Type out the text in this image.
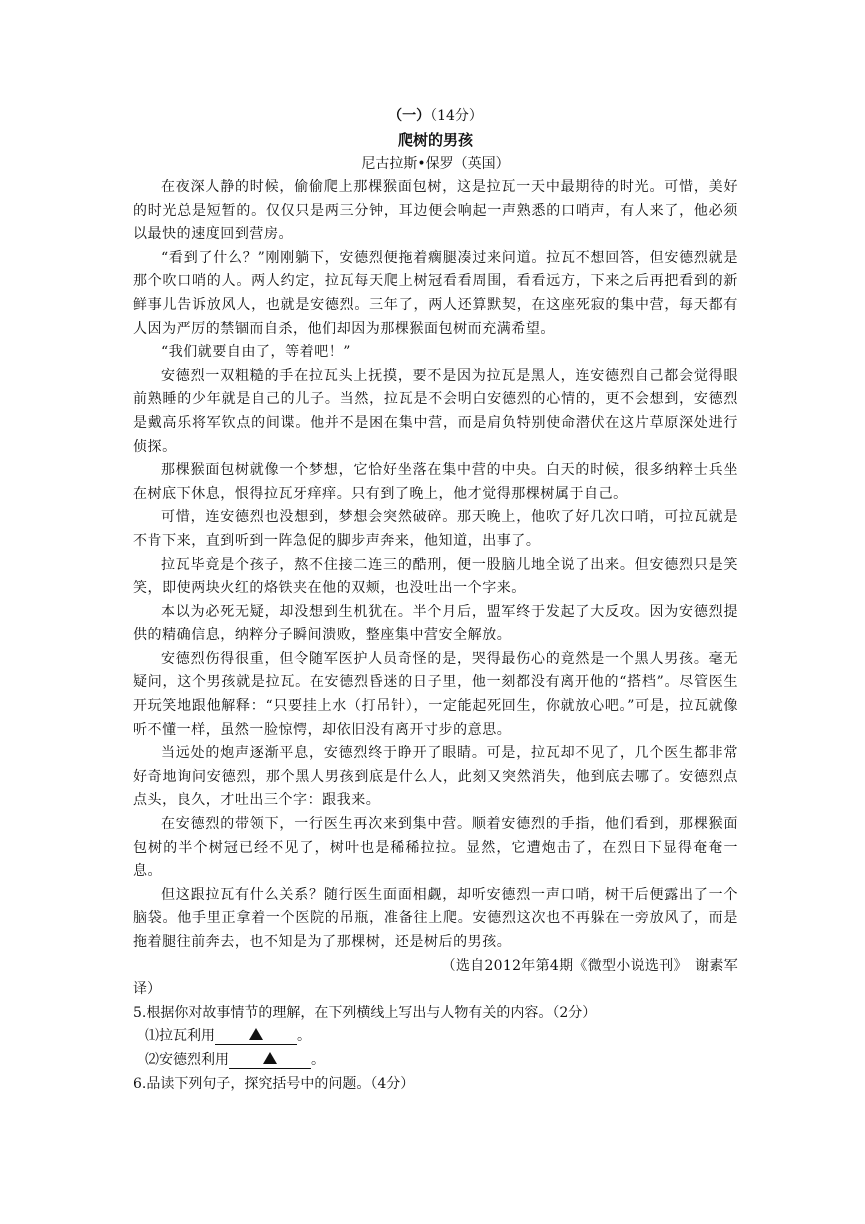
（一）（14分）
爬树的男孩
尼古拉斯•保罗（英国）

在夜深人静的时候，偷偷爬上那棵猴面包树，这是拉瓦一天中最期待的时光。可惜，美好的时光总是短暂的。仅仅只是两三分钟，耳边便会响起一声熟悉的口哨声，有人来了，他必须以最快的速度回到营房。

“看到了什么？”刚刚躺下，安德烈便拖着瘸腿凑过来问道。拉瓦不想回答，但安德烈就是那个吹口哨的人。两人约定，拉瓦每天爬上树冠看看周围，看看远方，下来之后再把看到的新鲜事儿告诉放风人，也就是安德烈。三年了，两人还算默契，在这座死寂的集中营，每天都有人因为严厉的禁锢而自杀，他们却因为那棵猴面包树而充满希望。

“我们就要自由了，等着吧！”

安德烈一双粗糙的手在拉瓦头上抚摸，要不是因为拉瓦是黑人，连安德烈自己都会觉得眼前熟睡的少年就是自己的儿子。当然，拉瓦是不会明白安德烈的心情的，更不会想到，安德烈是戴高乐将军钦点的间谍。他并不是困在集中营，而是肩负特别使命潜伏在这片草原深处进行侦探。

那棵猴面包树就像一个梦想，它恰好坐落在集中营的中央。白天的时候，很多纳粹士兵坐在树底下休息，恨得拉瓦牙痒痒。只有到了晚上，他才觉得那棵树属于自己。

可惜，连安德烈也没想到，梦想会突然破碎。那天晚上，他吹了好几次口哨，可拉瓦就是不肯下来，直到听到一阵急促的脚步声奔来，他知道，出事了。

拉瓦毕竟是个孩子，熬不住接二连三的酷刑，便一股脑儿地全说了出来。但安德烈只是笑笑，即使两块火红的烙铁夹在他的双颊，也没吐出一个字来。

本以为必死无疑，却没想到生机犹在。半个月后，盟军终于发起了大反攻。因为安德烈提供的精确信息，纳粹分子瞬间溃败，整座集中营安全解放。

安德烈伤得很重，但令随军医护人员奇怪的是，哭得最伤心的竟然是一个黑人男孩。毫无疑问，这个男孩就是拉瓦。在安德烈昏迷的日子里，他一刻都没有离开他的“搭档”。尽管医生开玩笑地跟他解释：“只要挂上水（打吊针），一定能起死回生，你就放心吧。”可是，拉瓦就像听不懂一样，虽然一脸惊愕，却依旧没有离开寸步的意思。

当远处的炮声逐渐平息，安德烈终于睁开了眼睛。可是，拉瓦却不见了，几个医生都非常好奇地询问安德烈，那个黑人男孩到底是什么人，此刻又突然消失，他到底去哪了。安德烈点点头，良久，才吐出三个字：跟我来。

在安德烈的带领下，一行医生再次来到集中营。顺着安德烈的手指，他们看到，那棵猴面包树的半个树冠已经不见了，树叶也是稀稀拉拉。显然，它遭炮击了，在烈日下显得奄奄一息。

但这跟拉瓦有什么关系？随行医生面面相觑，却听安德烈一声口哨，树干后便露出了一个脑袋。他手里正拿着一个医院的吊瓶，准备往上爬。安德烈这次也不再躲在一旁放风了，而是拖着腿往前奔去，也不知是为了那棵树，还是树后的男孩。

（选自2012年第4期《微型小说选刊》　谢素军

译）

5.根据你对故事情节的理解，在下列横线上写出与人物有关的内容。（2分）

⑴拉瓦利用	。

⑵安德烈利用	。

6.品读下列句子，探究括号中的问题。（4分）
